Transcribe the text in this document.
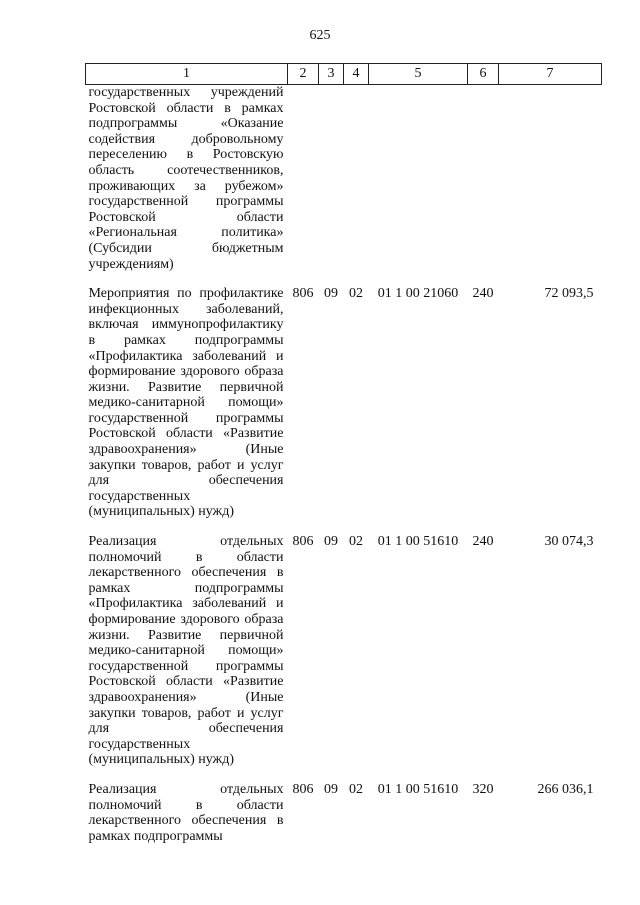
625
1	2	3	4	5	6	7
государственных учреждений Ростовской области в рамках подпрограммы «Оказание содействия добровольному переселению в Ростовскую область соотечественников, проживающих за рубежом» государственной программы Ростовской области «Региональная политика» (Субсидии бюджетным учреждениям)						
Мероприятия по профилактике инфекционных заболеваний, включая иммунопрофилактику в рамках подпрограммы «Профилактика заболеваний и формирование здорового образа жизни. Развитие первичной медико-санитарной помощи» государственной программы Ростовской области «Развитие здравоохранения» (Иные закупки товаров, работ и услуг для обеспечения государственных (муниципальных) нужд)	806	09	02	01 1 00 21060	240	72 093,5
Реализация отдельных полномочий в области лекарственного обеспечения в рамках подпрограммы «Профилактика заболеваний и формирование здорового образа жизни. Развитие первичной медико-санитарной помощи» государственной программы Ростовской области «Развитие здравоохранения» (Иные закупки товаров, работ и услуг для обеспечения государственных (муниципальных) нужд)	806	09	02	01 1 00 51610	240	30 074,3
Реализация отдельных полномочий в области лекарственного обеспечения в рамках подпрограммы	806	09	02	01 1 00 51610	320	266 036,1
